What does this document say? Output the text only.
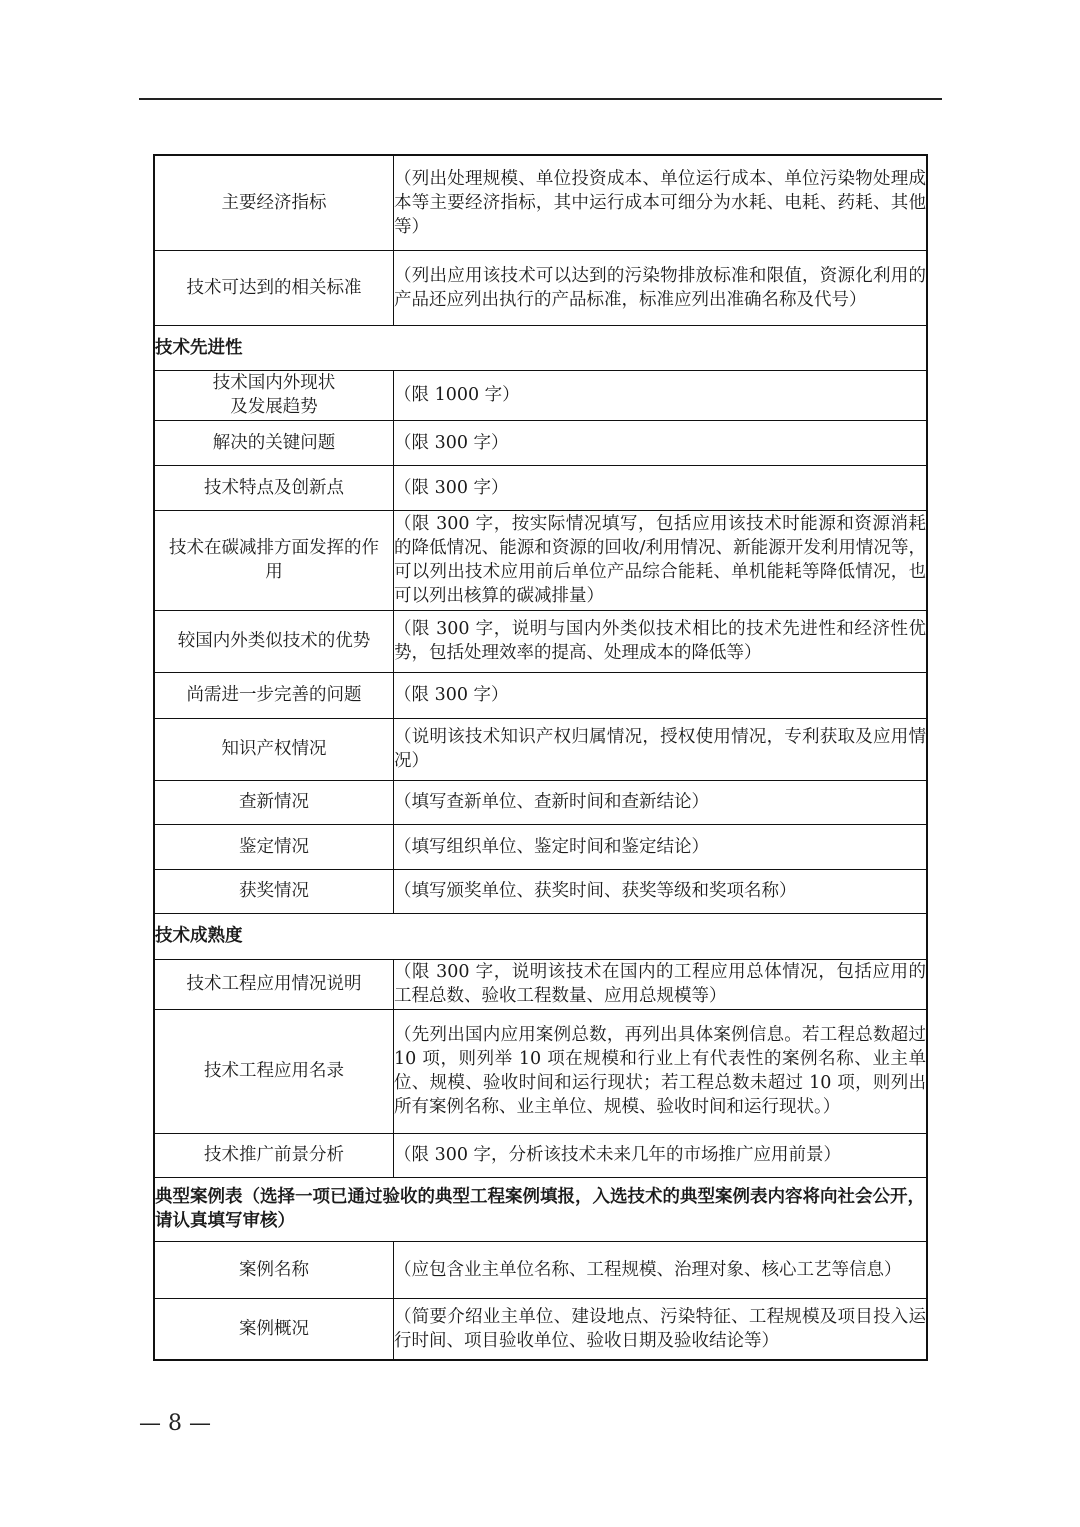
主要经济指标	（列出处理规模、单位投资成本、单位运行成本、单位污染物处理成本等主要经济指标，其中运行成本可细分为水耗、电耗、药耗、其他等）
技术可达到的相关标准	（列出应用该技术可以达到的污染物排放标准和限值，资源化利用的产品还应列出执行的产品标准，标准应列出准确名称及代号）
技术先进性	
技术国内外现状及发展趋势	（限 1000 字）
解决的关键问题	（限 300 字）
技术特点及创新点	（限 300 字）
技术在碳减排方面发挥的作用	（限 300 字，按实际情况填写，包括应用该技术时能源和资源消耗的降低情况、能源和资源的回收/利用情况、新能源开发利用情况等，可以列出技术应用前后单位产品综合能耗、单机能耗等降低情况，也可以列出核算的碳减排量）
较国内外类似技术的优势	（限 300 字，说明与国内外类似技术相比的技术先进性和经济性优势，包括处理效率的提高、处理成本的降低等）
尚需进一步完善的问题	（限 300 字）
知识产权情况	（说明该技术知识产权归属情况，授权使用情况，专利获取及应用情况）
查新情况	（填写查新单位、查新时间和查新结论）
鉴定情况	（填写组织单位、鉴定时间和鉴定结论）
获奖情况	（填写颁奖单位、获奖时间、获奖等级和奖项名称）
技术成熟度	
技术工程应用情况说明	（限 300 字，说明该技术在国内的工程应用总体情况，包括应用的工程总数、验收工程数量、应用总规模等）
技术工程应用名录	（先列出国内应用案例总数，再列出具体案例信息。若工程总数超过 10 项，则列举 10 项在规模和行业上有代表性的案例名称、业主单位、规模、验收时间和运行现状；若工程总数未超过 10 项，则列出所有案例名称、业主单位、规模、验收时间和运行现状。）
技术推广前景分析	（限 300 字，分析该技术未来几年的市场推广应用前景）
典型案例表（选择一项已通过验收的典型工程案例填报，入选技术的典型案例表内容将向社会公开，请认真填写审核）	
案例名称	（应包含业主单位名称、工程规模、治理对象、核心工艺等信息）
案例概况	（简要介绍业主单位、建设地点、污染特征、工程规模及项目投入运行时间、项目验收单位、验收日期及验收结论等）
— 8 —
